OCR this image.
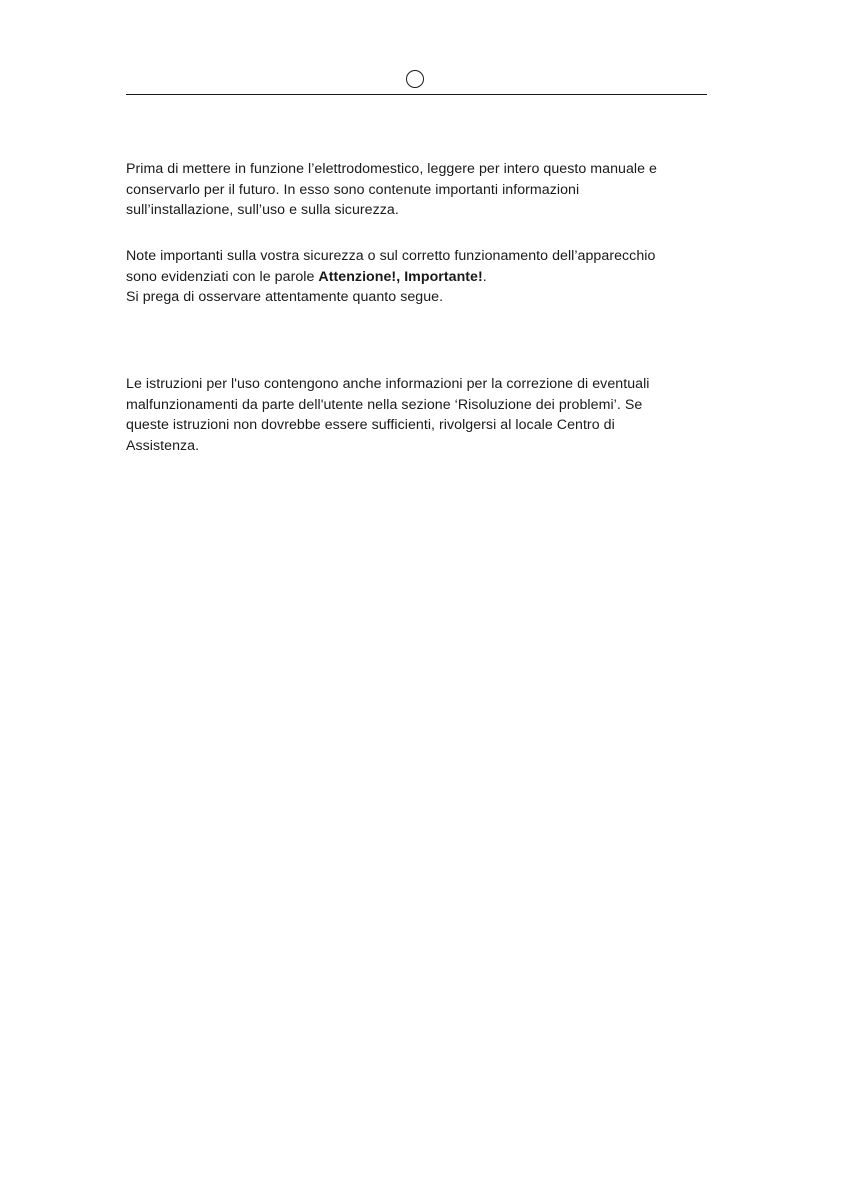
Prima di mettere in funzione l’elettrodomestico, leggere per intero questo manuale e
conservarlo per il futuro. In esso sono contenute importanti informazioni
sull’installazione, sull’uso e sulla sicurezza.
Note importanti sulla vostra sicurezza o sul corretto funzionamento dell’apparecchio
sono evidenziati con le parole Attenzione!, Importante!.
Si prega di osservare attentamente quanto segue.
Le istruzioni per l'uso contengono anche informazioni per la correzione di eventuali
malfunzionamenti da parte dell'utente nella sezione ‘Risoluzione dei problemi’. Se
queste istruzioni non dovrebbe essere sufficienti, rivolgersi al locale Centro di
Assistenza.
